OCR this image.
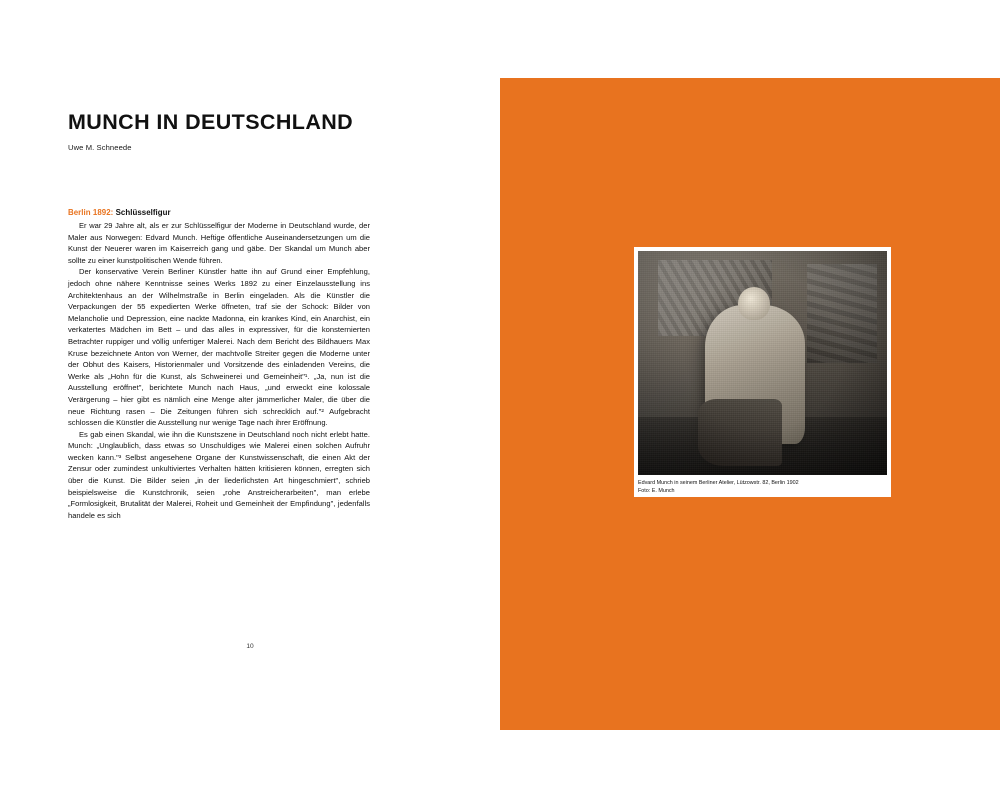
MUNCH IN DEUTSCHLAND

Uwe M. Schneede

Berlin 1892: Schlüsselfigur

Er war 29 Jahre alt, als er zur Schlüsselfigur der Moderne in Deutschland wurde, der Maler aus Norwegen: Edvard Munch. Heftige öffentliche Auseinandersetzungen um die Kunst der Neuerer waren im Kaiserreich gang und gäbe. Der Skandal um Munch aber sollte zu einer kunstpolitischen Wende führen.

Der konservative Verein Berliner Künstler hatte ihn auf Grund einer Empfehlung, jedoch ohne nähere Kenntnisse seines Werks 1892 zu einer Einzelausstellung ins Architektenhaus an der Wilhelmstraße in Berlin eingeladen. Als die Künstler die Verpackungen der 55 expedierten Werke öffneten, traf sie der Schock: Bilder von Melancholie und Depression, eine nackte Madonna, ein krankes Kind, ein Anarchist, ein verkatertes Mädchen im Bett – und das alles in expressiver, für die konsternierten Betrachter ruppiger und völlig unfertiger Malerei. Nach dem Bericht des Bildhauers Max Kruse bezeichnete Anton von Werner, der machtvolle Streiter gegen die Moderne unter der Obhut des Kaisers, Historienmaler und Vorsitzende des einladenden Vereins, die Werke als „Hohn für die Kunst, als Schweinerei und Gemeinheit"¹. „Ja, nun ist die Ausstellung eröffnet", berichtete Munch nach Haus, „und erweckt eine kolossale Verärgerung – hier gibt es nämlich eine Menge alter jämmerlicher Maler, die über die neue Richtung rasen – Die Zeitungen führen sich schrecklich auf."² Aufgebracht schlossen die Künstler die Ausstellung nur wenige Tage nach ihrer Eröffnung.

Es gab einen Skandal, wie ihn die Kunstszene in Deutschland noch nicht erlebt hatte. Munch: „Unglaublich, dass etwas so Unschuldiges wie Malerei einen solchen Aufruhr wecken kann."³ Selbst angesehene Organe der Kunstwissenschaft, die einen Akt der Zensur oder zumindest unkultiviertes Verhalten hätten kritisieren können, erregten sich über die Kunst. Die Bilder seien „in der liederlichsten Art hingeschmiert", schrieb beispielsweise die Kunstchronik, seien „rohe Anstreicherarbeiten", man erlebe „Formlosigkeit, Brutalität der Malerei, Roheit und Gemeinheit der Empfindung", jedenfalls handele es sich

10

Edvard Munch in seinem Berliner Atelier, Lützowstr. 82, Berlin 1902

Foto: E. Munch
